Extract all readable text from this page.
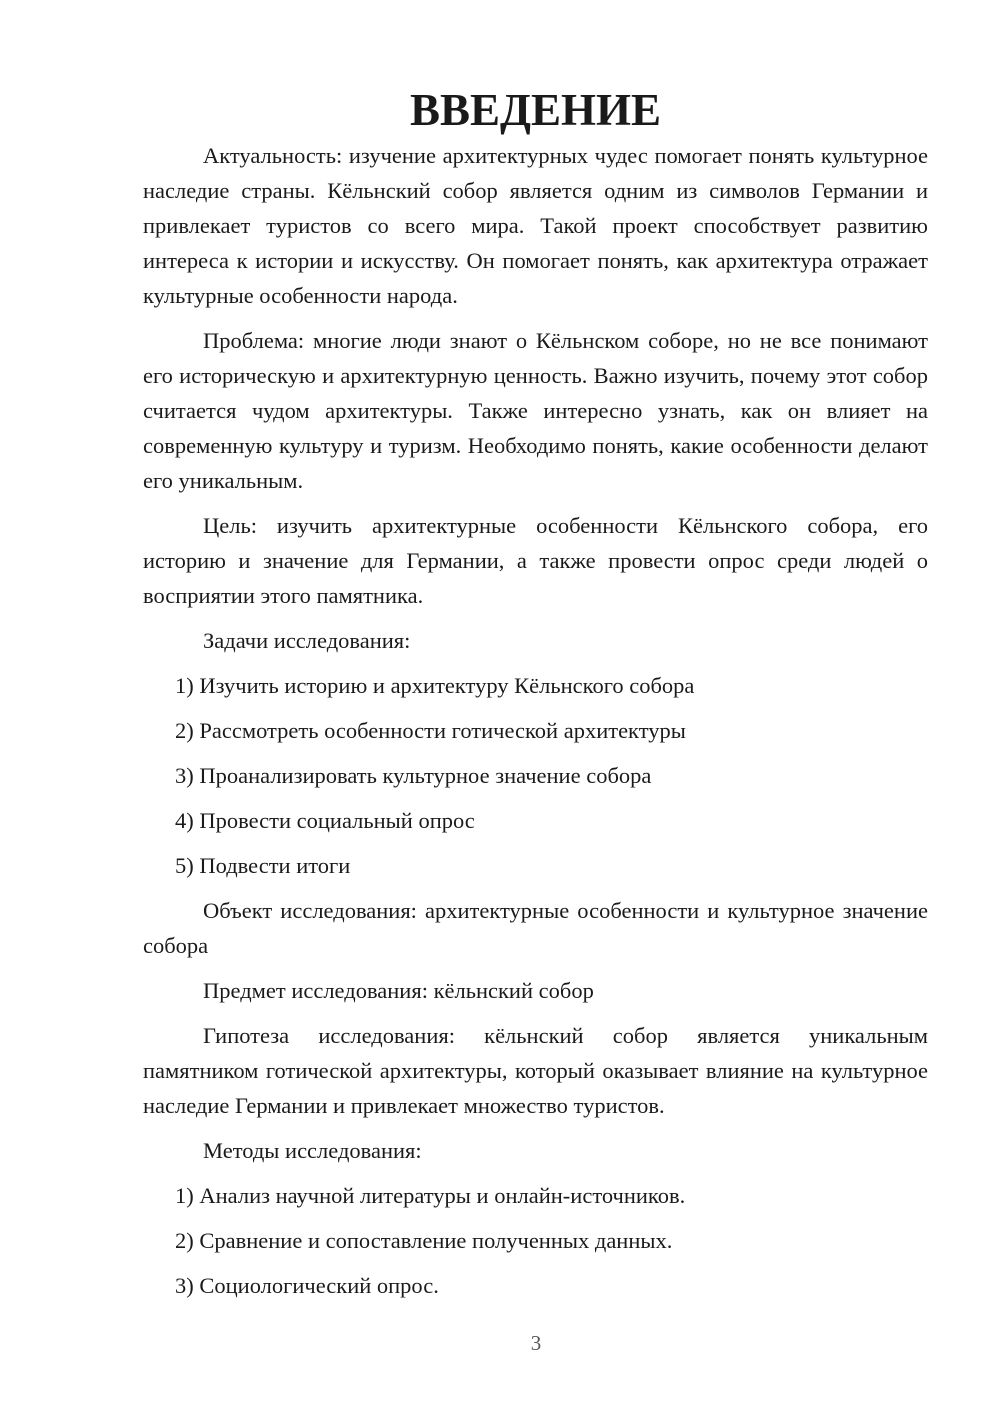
ВВЕДЕНИЕ

Актуальность: изучение архитектурных чудес помогает понять культурное наследие страны. Кёльнский собор является одним из символов Германии и привлекает туристов со всего мира. Такой проект способствует развитию интереса к истории и искусству. Он помогает понять, как архитектура отражает культурные особенности народа.

Проблема: многие люди знают о Кёльнском соборе, но не все понимают его историческую и архитектурную ценность. Важно изучить, почему этот собор считается чудом архитектуры. Также интересно узнать, как он влияет на современную культуру и туризм. Необходимо понять, какие особенности делают его уникальным.

Цель: изучить архитектурные особенности Кёльнского собора, его историю и значение для Германии, а также провести опрос среди людей о восприятии этого памятника.

Задачи исследования:

1) Изучить историю и архитектуру Кёльнского собора

2) Рассмотреть особенности готической архитектуры

3) Проанализировать культурное значение собора

4) Провести социальный опрос

5) Подвести итоги

Объект исследования: архитектурные особенности и культурное значение собора

Предмет исследования: кёльнский собор

Гипотеза исследования: кёльнский собор является уникальным памятником готической архитектуры, который оказывает влияние на культурное наследие Германии и привлекает множество туристов.

Методы исследования:

1) Анализ научной литературы и онлайн-источников.

2) Сравнение и сопоставление полученных данных.

3) Социологический опрос.

3
